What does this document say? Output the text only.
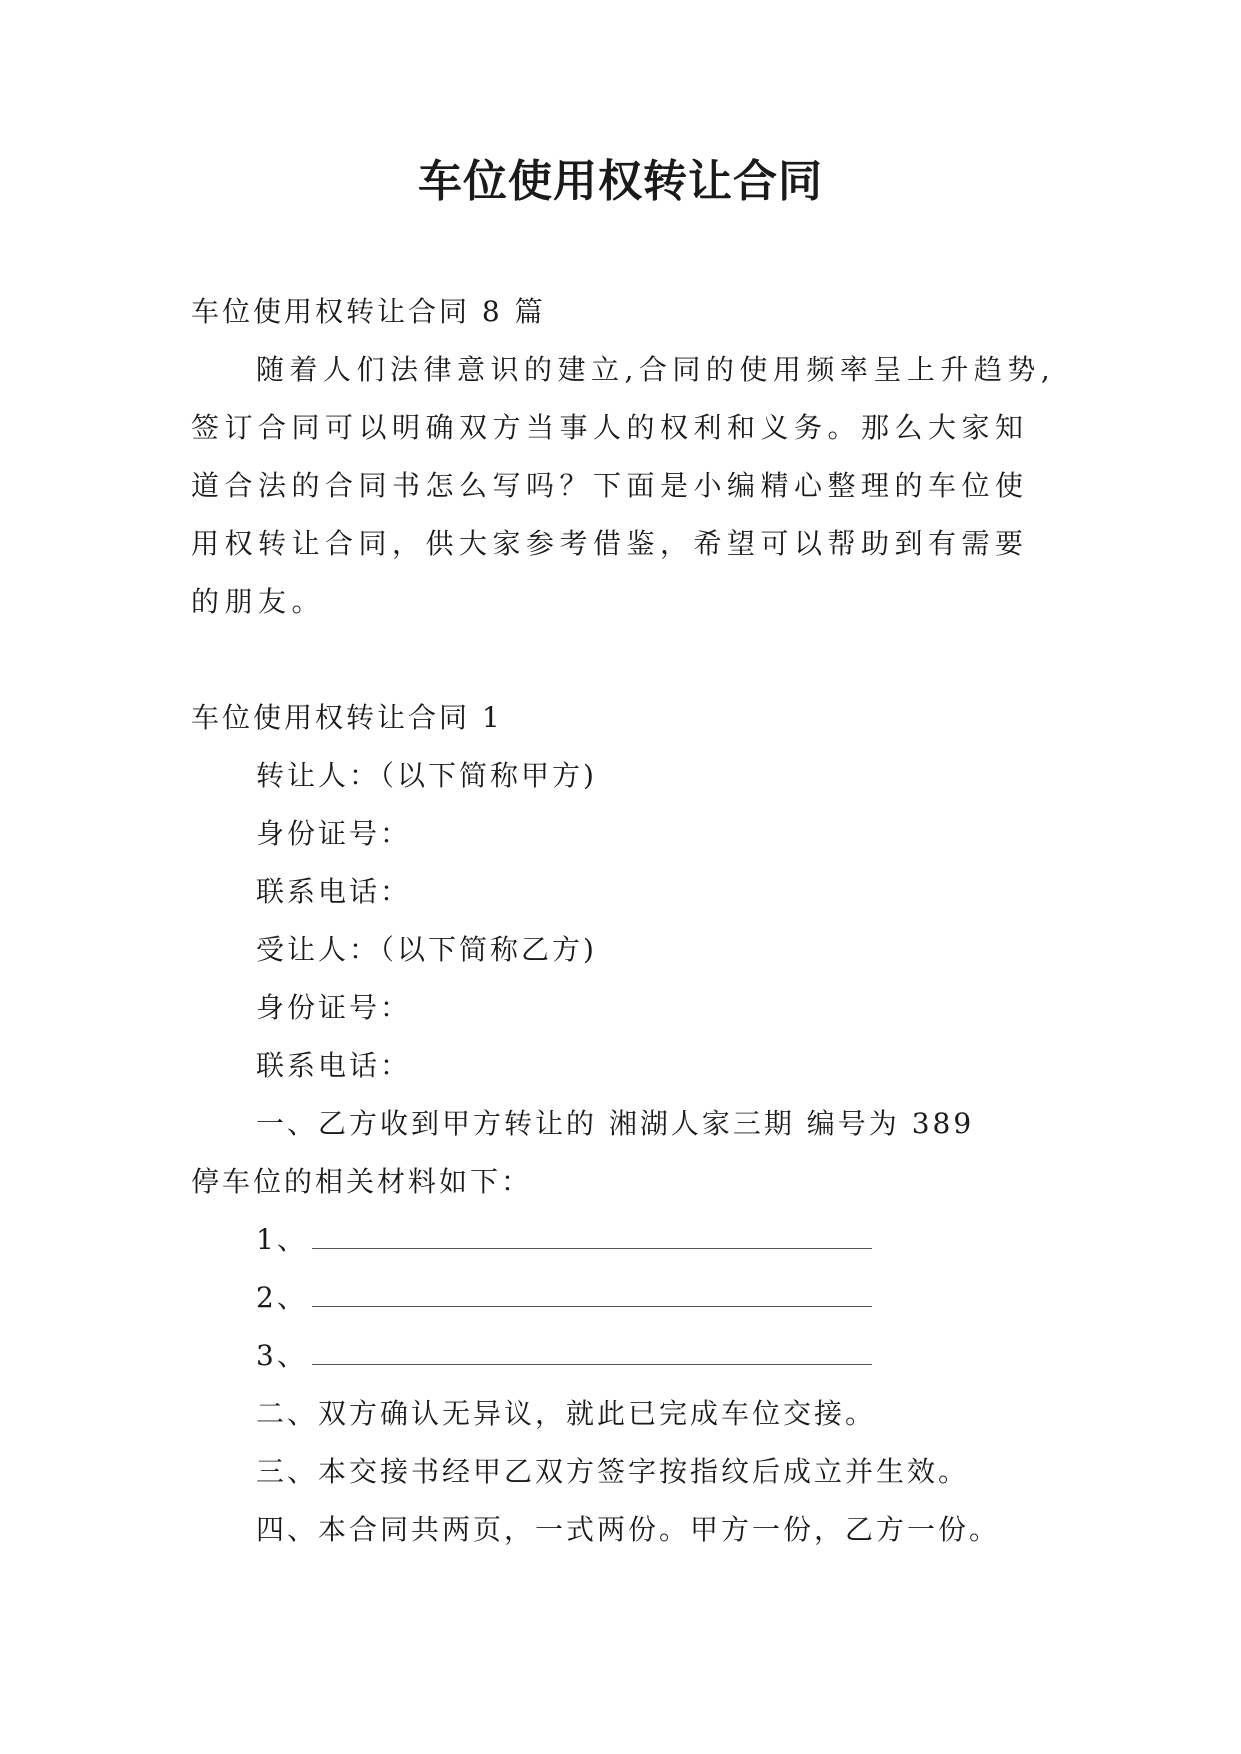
车位使用权转让合同
车位使用权转让合同 8 篇
随着人们法律意识的建立,合同的使用频率呈上升趋势,签订合同可以明确双方当事人的权利和义务。那么大家知道合法的合同书怎么写吗？下面是小编精心整理的车位使用权转让合同，供大家参考借鉴，希望可以帮助到有需要的朋友。
车位使用权转让合同 1
转让人：（以下简称甲方)
身份证号：
联系电话：
受让人：（以下简称乙方)
身份证号：
联系电话：
一、乙方收到甲方转让的 湘湖人家三期 编号为 389
停车位的相关材料如下：
1、
2、
3、
二、双方确认无异议，就此已完成车位交接。
三、本交接书经甲乙双方签字按指纹后成立并生效。
四、本合同共两页，一式两份。甲方一份，乙方一份。
